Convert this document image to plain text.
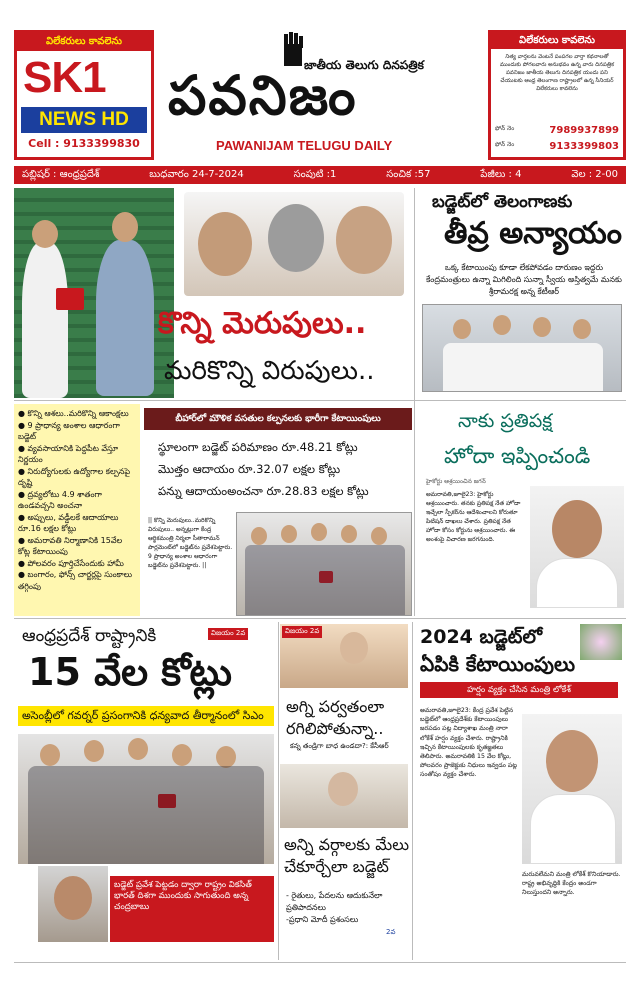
విలేకరులు కావలెను
SK1
NEWS HD
Cell : 9133399830
జాతీయ తెలుగు దినపత్రిక
పవనిజం
PAWANIJAM TELUGU DAILY
విలేకరులు కావలెను
నిత్య వార్తలను వెంటనే పంపగల వార్తా కథనాలతో ముందుకు పోగలవారు అనుభవం ఉన్న వారు దినపత్రిక పవనిజం జాతీయ తెలుగు దినపత్రిక యందు పని చేయుటకు ఆంధ్ర తెలంగాణ రాష్ట్రాలలో ఉన్న సీనియర్ విలేకరులు కావలెను
ఫోన్ నెం	7989937899
ఫోన్ నెం	9133399803
పబ్లిషర్ : ఆంధ్రప్రదేశ్	బుధవారం 24-7-2024	సంపుటి :1	సంచిక :57	పేజీలు : 4	వెల : 2-00
కొన్ని మెరుపులు..
మరికొన్ని విరుపులు..
బడ్జెట్‌లో తెలంగాణకు
తీవ్ర అన్యాయం
ఒక్క కేటాయింపు కూడా లేకపోవడం దారుణం ఇద్దరు కేంద్రమంత్రులు ఉన్నా మిగిలింది సున్నా స్వీయ అస్తిత్వమే మనకు శ్రీరామరక్ష అన్న కేటీఆర్
● కొన్ని ఆశలు..మరికొన్ని ఆకాంక్షలు
● 9 ప్రాధాన్య అంశాల ఆధారంగా బడ్జెట్
● వ్యవసాయానికి పెద్దపీట వేస్తూ నిర్ణయం
● నిరుద్యోగులకు ఉద్యోగాల కల్పనపై దృష్టి
● ద్రవ్యలోటు 4.9 శాతంగా ఉండవచ్చని అంచనా
● అప్పులు, వడ్డీలకే ఆదాయాలు రూ.16 లక్షల కోట్లు
● అమరావతి నిర్మాణానికి 15వేల కోట్ల కేటాయింపు
● పోలవరం పూర్తిచేసేందుకు హామీ
● బంగారం, ఫోన్స్ చార్జర్లపై సుంకాలు తగ్గింపు
బీహార్‌లో మౌళిక వసతుల కల్పనలకు భారీగా కేటాయింపులు
స్థూలంగా బడ్జెట్ పరిమాణం రూ.48.21 కోట్లు
మొత్తం ఆదాయం రూ.32.07 లక్షల కోట్లు
పన్ను ఆదాయంఅంచనా రూ.28.83 లక్షల కోట్లు
|| కొన్ని మెరుపులు..మరికొన్ని విరుపులు.. అన్నట్లుగా కేంద్ర ఆర్థికమంత్రి నిర్మలా సీతారామన్ పార్లమెంట్‌లో బడ్జెట్‌ను ప్రవేశపెట్టారు. 9 ప్రాధాన్య అంశాల ఆధారంగా బడ్జెట్‌ను ప్రవేశపెట్టారు. ||
నాకు ప్రతిపక్ష
హోదా ఇప్పించండి
హైకోర్టు ఆశ్రయించిన జగన్
అమరావతి,జూలై23: హైకోర్టు ఆశ్రయించారు. తనకు ప్రతిపక్ష నేత హోదా ఇచ్చేలా స్పీకర్‌ను ఆదేశించాలని కోరుతూ పిటిషన్ దాఖలు చేశారు. ప్రతిపక్ష నేత హోదా కోసం కోర్టును ఆశ్రయించారు. ఈ అంశంపై విచారణ జరగనుంది.
ఆంధ్రప్రదేశ్ రాష్ట్రానికి	విజయం 2వ
15 వేల కోట్లు
అసెంబ్లీలో గవర్నర్ ప్రసంగానికి ధన్యవాద తీర్మానంలో సిఎం
బడ్జెట్ ప్రవేశ పెట్టడం ద్వారా రాష్ట్రం వికసిత్ భారత్ దిశగా ముందుకు సాగుతుంది అన్న చంద్రబాబు
విజయం 2వ
అగ్ని పర్వతంలా రగిలిపోతున్నా..
కన్న తండ్రిగా బాధ ఉండదా?: కేసీఆర్
అన్ని వర్గాలకు మేలు చేకూర్చేలా బడ్జెట్
- రైతులు, పేదలను ఆదుకునేలా ప్రతిపాదనలు
-ప్రధాని మోదీ ప్రశంసలు
2వ
2024 బడ్జెట్‌లో
ఏపికి కేటాయింపులు
హర్షం వ్యక్తం చేసిన మంత్రి లోకేశ్
అమరావతి,జూలై23: కేంద్ర ప్రవేశ పెట్టిన బడ్జెట్‌లో ఆంధ్రప్రదేశ్‌కు కేటాయింపులు జరపడం పట్ల విద్యాశాఖ మంత్రి నారా లోకేశ్ హర్షం వ్యక్తం చేశారు. రాష్ట్రానికి ఇచ్చిన కేటాయింపులకు కృతజ్ఞతలు తెలిపారు. అమరావతికి 15 వేల కోట్లు, పోలవరం ప్రాజెక్టుకు నిధులు ఇవ్వడం పట్ల సంతోషం వ్యక్తం చేశారు.
మరువలేమని మంత్రి లోకేశ్ కొనియాడారు. రాష్ట్ర అభివృద్ధికి కేంద్రం అండగా నిలుస్తుందని అన్నారు.
